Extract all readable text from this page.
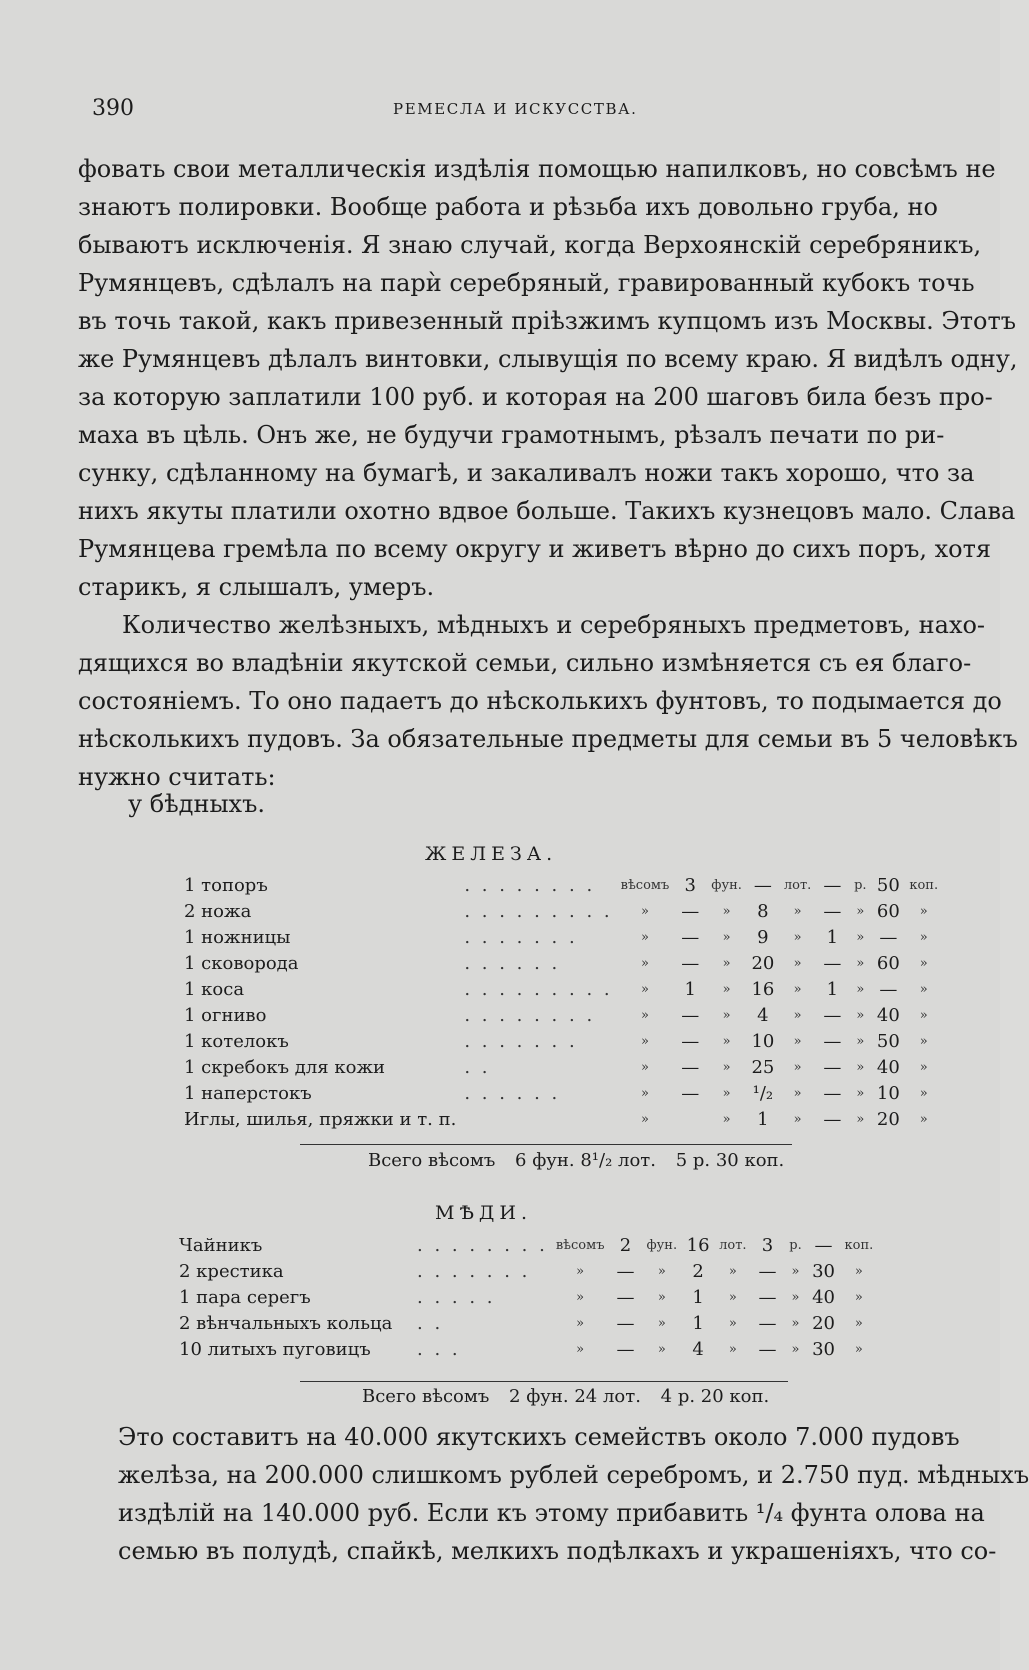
390	РЕМЕСЛА И ИСКУССТВА.
фовать свои металлическія издѣлія помощью напилковъ, но совсѣмъ не
знаютъ полировки. Вообще работа и рѣзьба ихъ довольно груба, но
бываютъ исключенія. Я знаю случай, когда Верхоянскій серебряникъ,
Румянцевъ, сдѣлалъ на парѝ серебряный, гравированный кубокъ точь
въ точь такой, какъ привезенный пріѣзжимъ купцомъ изъ Москвы. Этотъ
же Румянцевъ дѣлалъ винтовки, слывущія по всему краю. Я видѣлъ одну,
за которую заплатили 100 руб. и которая на 200 шаговъ била безъ про-
маха въ цѣль. Онъ же, не будучи грамотнымъ, рѣзалъ печати по ри-
сунку, сдѣланному на бумагѣ, и закаливалъ ножи такъ хорошо, что за
нихъ якуты платили охотно вдвое больше. Такихъ кузнецовъ мало. Слава
Румянцева гремѣла по всему округу и живетъ вѣрно до сихъ поръ, хотя
старикъ, я слышалъ, умеръ.
Количество желѣзныхъ, мѣдныхъ и серебряныхъ предметовъ, нахо-
дящихся во владѣніи якутской семьи, сильно измѣняется съ ея благо-
состояніемъ. То оно падаетъ до нѣсколькихъ фунтовъ, то подымается до
нѣсколькихъ пудовъ. За обязательные предметы для семьи въ 5 человѣкъ
нужно считать:
у бѣдныхъ.
ЖЕЛЕЗА.
1 топоръ	. . . . . . . .	вѣсомъ	3	фун.	—	лот.	—	р.	50	коп.
2 ножа	. . . . . . . . .	»	—	»	8	»	—	»	60	»
1 ножницы	. . . . . . .	»	—	»	9	»	1	»	—	»
1 сковорода	. . . . . .	»	—	»	20	»	—	»	60	»
1 коса	. . . . . . . . .	»	1	»	16	»	1	»	—	»
1 огниво	. . . . . . . .	»	—	»	4	»	—	»	40	»
1 котелокъ	. . . . . . .	»	—	»	10	»	—	»	50	»
1 скребокъ для кожи	. .	»	—	»	25	»	—	»	40	»
1 наперстокъ	. . . . . .	»	—	»	¹/₂	»	—	»	10	»
Иглы, шилья, пряжки и т. п.		»		»	1	»	—	»	20	»
Всего вѣсомъ 6 фун. 8¹/₂ лот. 5 р. 30 коп.
МѢДИ.
Чайникъ	. . . . . . . .	вѣсомъ	2	фун.	16	лот.	3	р.	—	коп.
2 крестика	. . . . . . .	»	—	»	2	»	—	»	30	»
1 пара серегъ	. . . . .	»	—	»	1	»	—	»	40	»
2 вѣнчальныхъ кольца	. .	»	—	»	1	»	—	»	20	»
10 литыхъ пуговицъ	. . .	»	—	»	4	»	—	»	30	»
Всего вѣсомъ 2 фун. 24 лот. 4 р. 20 коп.
Это составитъ на 40.000 якутскихъ семействъ около 7.000 пудовъ
желѣза, на 200.000 слишкомъ рублей серебромъ, и 2.750 пуд. мѣдныхъ
издѣлій на 140.000 руб. Если къ этому прибавить ¹/₄ фунта олова на
семью въ полудѣ, спайкѣ, мелкихъ подѣлкахъ и украшеніяхъ, что со-
